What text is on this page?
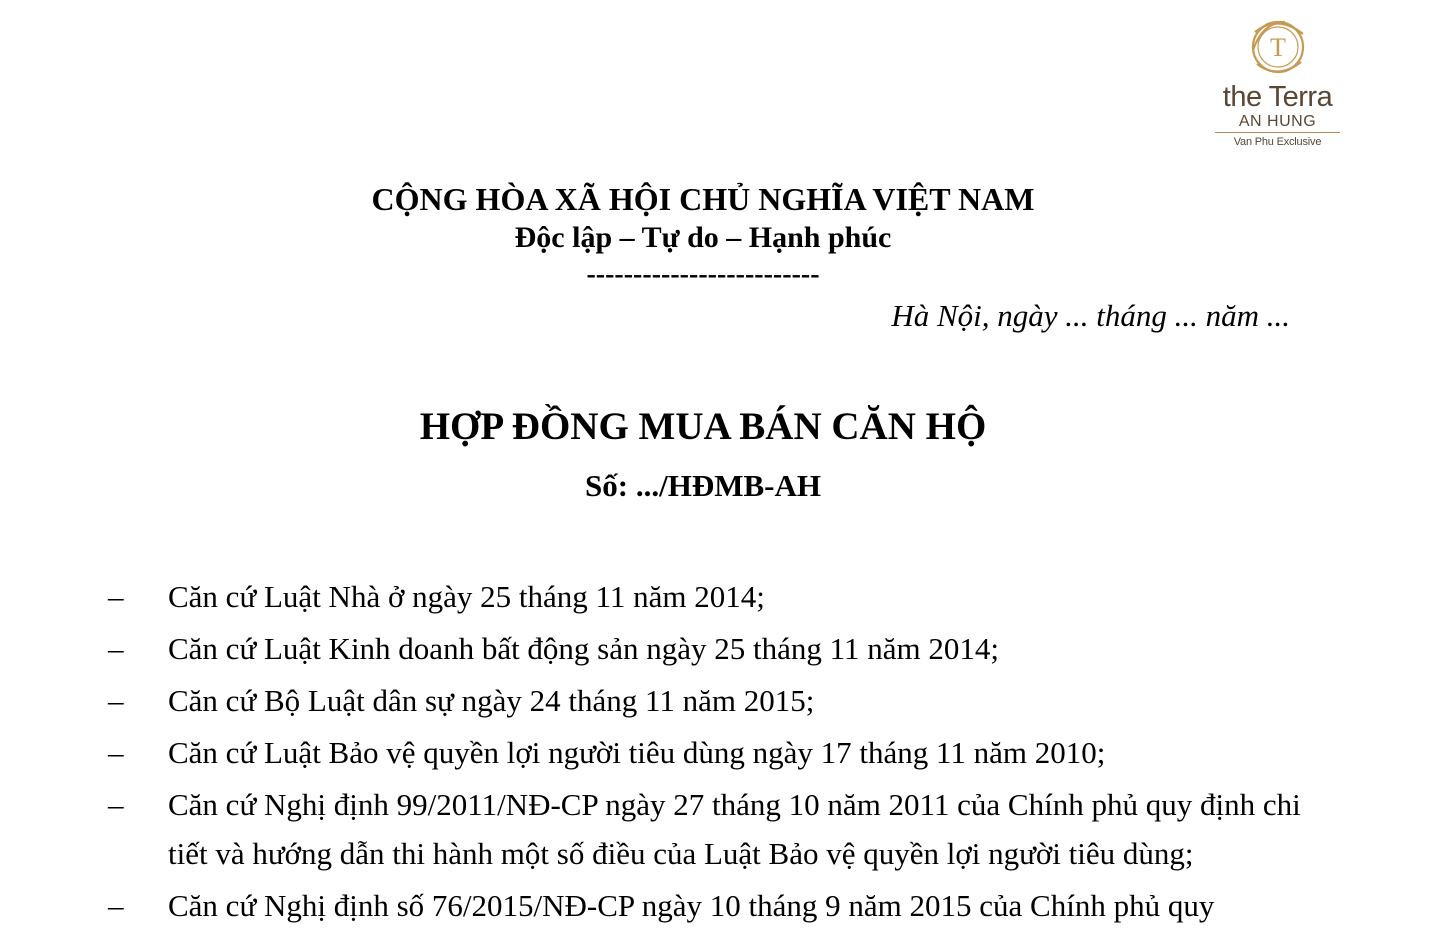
T
the Terra
AN HUNG
Van Phu Exclusive
CỘNG HÒA XÃ HỘI CHỦ NGHĨA VIỆT NAM
Độc lập – Tự do – Hạnh phúc
-------------------------
Hà Nội, ngày ... tháng ... năm ...
HỢP ĐỒNG MUA BÁN CĂN HỘ
Số: .../HĐMB-AH
–	Căn cứ Luật Nhà ở ngày 25 tháng 11 năm 2014;
–	Căn cứ Luật Kinh doanh bất động sản ngày 25 tháng 11 năm 2014;
–	Căn cứ Bộ Luật dân sự ngày 24 tháng 11 năm 2015;
–	Căn cứ Luật Bảo vệ quyền lợi người tiêu dùng ngày 17 tháng 11 năm 2010;
–	Căn cứ Nghị định 99/2011/NĐ-CP ngày 27 tháng 10 năm 2011 của Chính phủ quy định chi tiết và hướng dẫn thi hành một số điều của Luật Bảo vệ quyền lợi người tiêu dùng;
–	Căn cứ Nghị định số 76/2015/NĐ-CP ngày 10 tháng 9 năm 2015 của Chính phủ quy
